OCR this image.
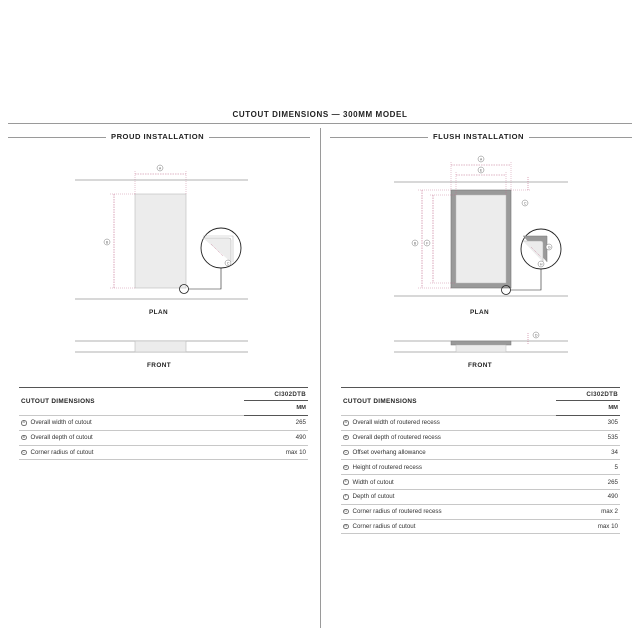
CUTOUT DIMENSIONS — 300MM MODEL
PROUD INSTALLATION	FLUSH INSTALLATION
A
B
C
A
E
B	F
C
G
H
D
PLAN
FRONT
PLAN
FRONT
CUTOUT DIMENSIONS	CI302DTB
	MM

A Overall width of cutout	265

B Overall depth of cutout	490

C Corner radius of cutout	max 10
CUTOUT DIMENSIONS	CI302DTB
	MM

A Overall width of routered recess	305

B Overall depth of routered recess	535

C Offset overhang allowance	34

D Height of routered recess	5

E Width of cutout	265

F Depth of cutout	490

G Corner radius of routered recess	max 2

H Corner radius of cutout	max 10
